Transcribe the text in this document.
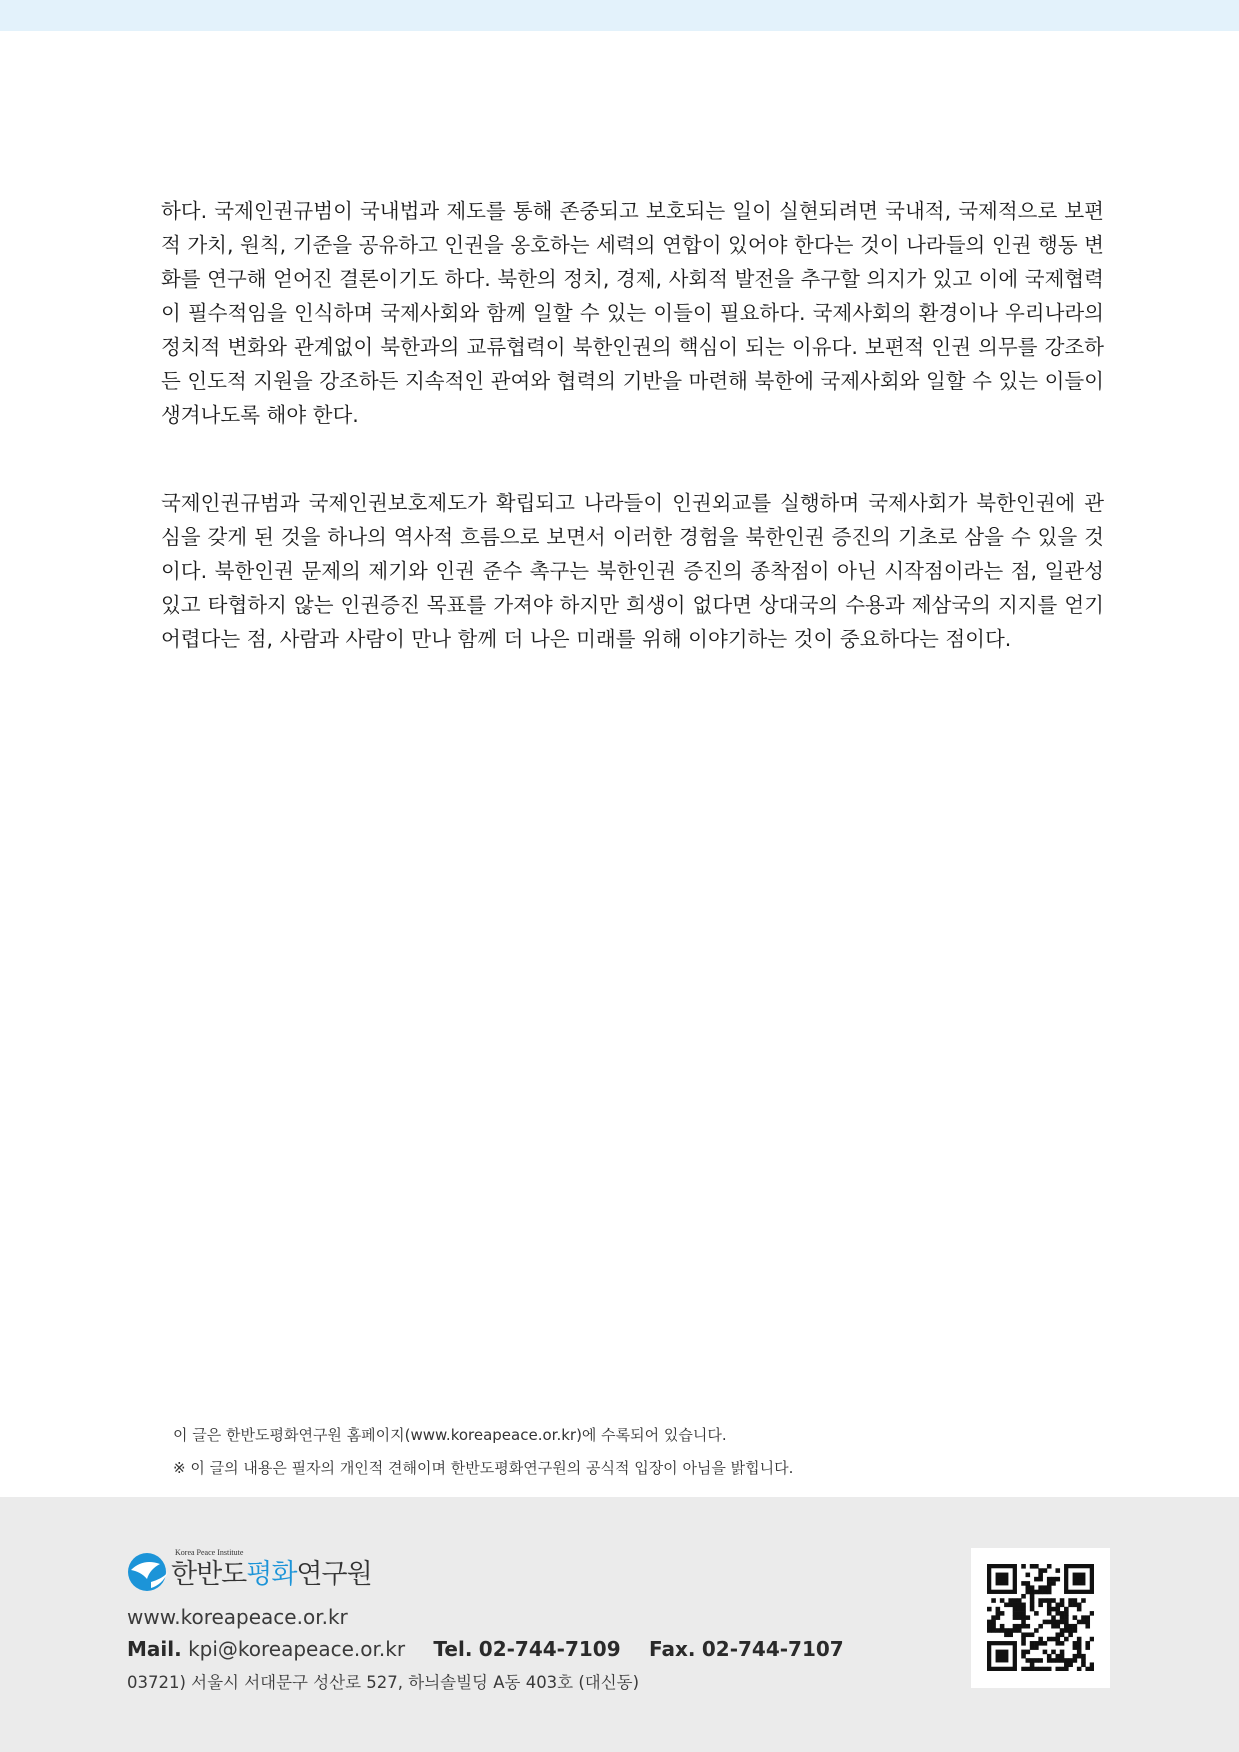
하다. 국제인권규범이 국내법과 제도를 통해 존중되고 보호되는 일이 실현되려면 국내적, 국제적으로 보편적 가치, 원칙, 기준을 공유하고 인권을 옹호하는 세력의 연합이 있어야 한다는 것이 나라들의 인권 행동 변화를 연구해 얻어진 결론이기도 하다. 북한의 정치, 경제, 사회적 발전을 추구할 의지가 있고 이에 국제협력이 필수적임을 인식하며 국제사회와 함께 일할 수 있는 이들이 필요하다. 국제사회의 환경이나 우리나라의 정치적 변화와 관계없이 북한과의 교류협력이 북한인권의 핵심이 되는 이유다. 보편적 인권 의무를 강조하든 인도적 지원을 강조하든 지속적인 관여와 협력의 기반을 마련해 북한에 국제사회와 일할 수 있는 이들이 생겨나도록 해야 한다.

국제인권규범과 국제인권보호제도가 확립되고 나라들이 인권외교를 실행하며 국제사회가 북한인권에 관심을 갖게 된 것을 하나의 역사적 흐름으로 보면서 이러한 경험을 북한인권 증진의 기초로 삼을 수 있을 것이다. 북한인권 문제의 제기와 인권 준수 촉구는 북한인권 증진의 종착점이 아닌 시작점이라는 점, 일관성 있고 타협하지 않는 인권증진 목표를 가져야 하지만 희생이 없다면 상대국의 수용과 제삼국의 지지를 얻기 어렵다는 점, 사람과 사람이 만나 함께 더 나은 미래를 위해 이야기하는 것이 중요하다는 점이다.

이 글은 한반도평화연구원 홈페이지(www.koreapeace.or.kr)에 수록되어 있습니다.
※ 이 글의 내용은 필자의 개인적 견해이며 한반도평화연구원의 공식적 입장이 아님을 밝힙니다.
Korea Peace Institute
한반도평화연구원
www.koreapeace.or.kr
Mail. kpi@koreapeace.or.kr Tel. 02-744-7109 Fax. 02-744-7107
03721) 서울시 서대문구 성산로 527, 하늬솔빌딩 A동 403호 (대신동)
